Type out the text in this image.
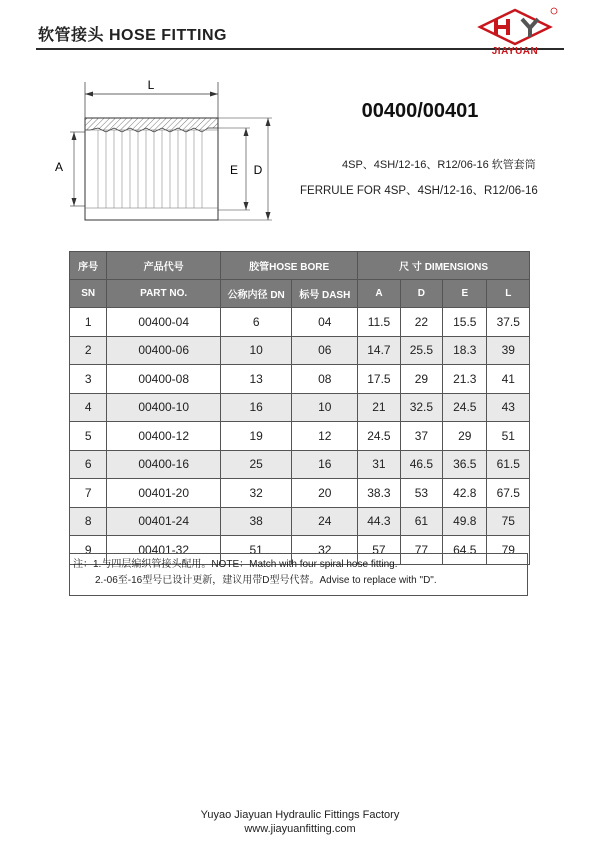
软管接头 HOSE FITTING
JIAYUAN
L
A	E D
00400/00401
4SP、4SH/12-16、R12/06-16 软管套筒
FERRULE FOR 4SP、4SH/12-16、R12/06-16
序号	产品代号	胶管HOSE BORE		尺 寸 DIMENSIONS			
SN	PART NO.	公称内径 DN	标号 DASH	A	D	E	L
1	00400-04	6	04	11.5	22	15.5	37.5
2	00400-06	10	06	14.7	25.5	18.3	39
3	00400-08	13	08	17.5	29	21.3	41
4	00400-10	16	10	21	32.5	24.5	43
5	00400-12	19	12	24.5	37	29	51
6	00400-16	25	16	31	46.5	36.5	61.5
7	00401-20	32	20	38.3	53	42.8	67.5
8	00401-24	38	24	44.3	61	49.8	75
9	00401-32	51	32	57	77	64.5	79
注：1.与四层编织管接头配用。NOTE：Match with four spiral hose fitting.
2.-06至-16型号已设计更新，建议用带D型号代替。Advise to replace with "D".
Yuyao Jiayuan Hydraulic Fittings Factory
www.jiayuanfitting.com
